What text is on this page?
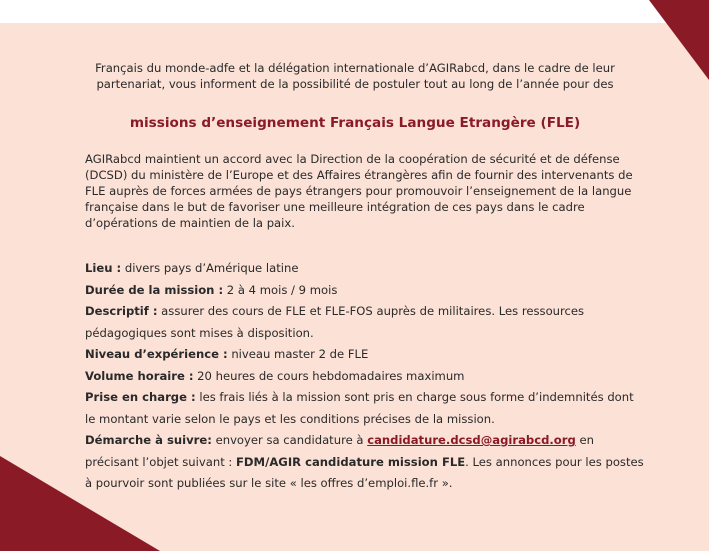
Français du monde-adfe et la délégation internationale d’AGIRabcd, dans le cadre de leur partenariat, vous informent de la possibilité de postuler tout au long de l’année pour des
missions d’enseignement Français Langue Etrangère (FLE)
AGIRabcd maintient un accord avec la Direction de la coopération de sécurité et de défense (DCSD) du ministère de l’Europe et des Affaires étrangères afin de fournir des intervenants de FLE auprès de forces armées de pays étrangers pour promouvoir l’enseignement de la langue française dans le but de favoriser une meilleure intégration de ces pays dans le cadre d’opérations de maintien de la paix.
Lieu : divers pays d’Amérique latine
Durée de la mission : 2 à 4 mois / 9 mois
Descriptif : assurer des cours de FLE et FLE-FOS auprès de militaires. Les ressources pédagogiques sont mises à disposition.
Niveau d’expérience : niveau master 2 de FLE
Volume horaire : 20 heures de cours hebdomadaires maximum
Prise en charge : les frais liés à la mission sont pris en charge sous forme d’indemnités dont le montant varie selon le pays et les conditions précises de la mission.
Démarche à suivre: envoyer sa candidature à candidature.dcsd@agirabcd.org en précisant l’objet suivant : FDM/AGIR candidature mission FLE. Les annonces pour les postes à pourvoir sont publiées sur le site « les offres d’emploi.fle.fr ».
